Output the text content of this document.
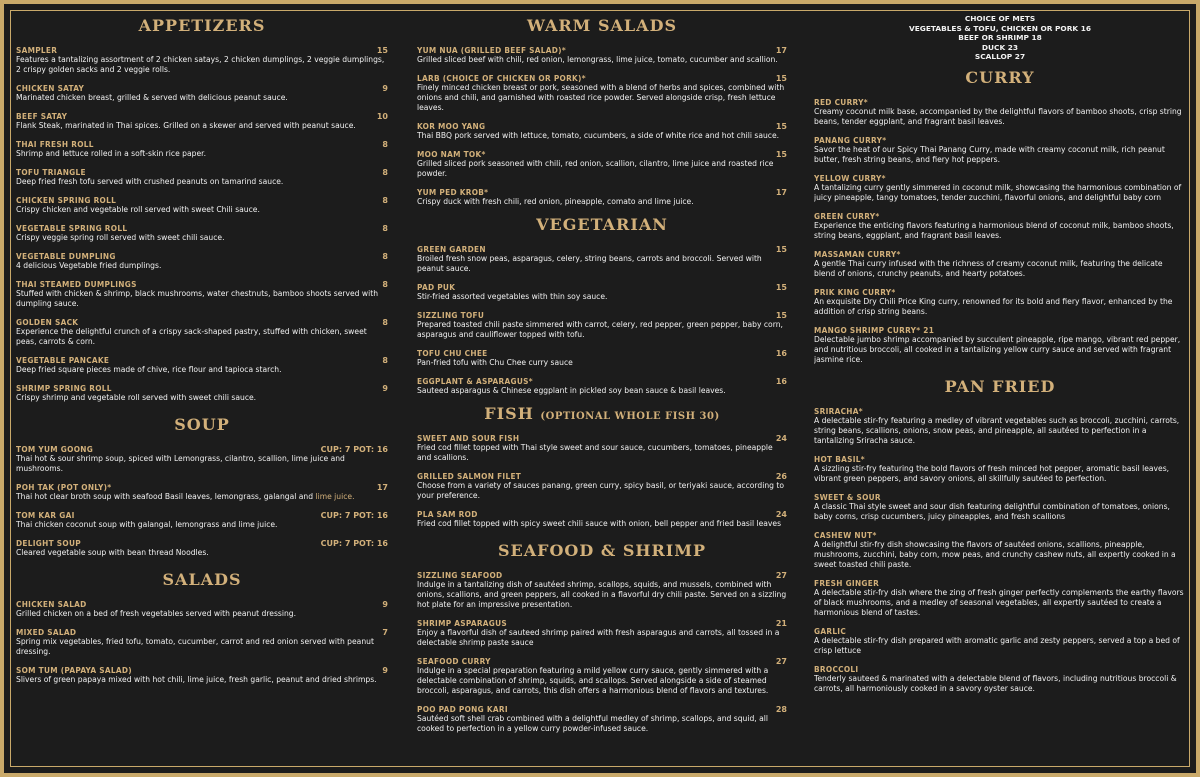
APPETIZERS
SAMPLER	15
Features a tantalizing assortment of 2 chicken satays, 2 chicken dumplings, 2 veggie dumplings, 2 crispy golden sacks and 2 veggie rolls.
CHICKEN SATAY	9
Marinated chicken breast, grilled & served with delicious peanut sauce.
BEEF SATAY	10
Flank Steak, marinated in Thai spices. Grilled on a skewer and served with peanut sauce.
THAI FRESH ROLL	8
Shrimp and lettuce rolled in a soft-skin rice paper.
TOFU TRIANGLE	8
Deep fried fresh tofu served with crushed peanuts on tamarind sauce.
CHICKEN SPRING ROLL	8
Crispy chicken and vegetable roll served with sweet Chili sauce.
VEGETABLE SPRING ROLL	8
Crispy veggie spring roll served with sweet chili sauce.
VEGETABLE DUMPLING	8
4 delicious Vegetable fried dumplings.
THAI STEAMED DUMPLINGS	8
Stuffed with chicken & shrimp, black mushrooms, water chestnuts, bamboo shoots served with dumpling sauce.
GOLDEN SACK	8
Experience the delightful crunch of a crispy sack-shaped pastry, stuffed with chicken, sweet peas, carrots & corn.
VEGETABLE PANCAKE	8
Deep fried square pieces made of chive, rice flour and tapioca starch.
SHRIMP SPRING ROLL	9
Crispy shrimp and vegetable roll served with sweet chili sauce.
SOUP
TOM YUM GOONG	CUP: 7 POT: 16
Thai hot & sour shrimp soup, spiced with Lemongrass, cilantro, scallion, lime juice and mushrooms.
POH TAK (POT ONLY)*	17
Thai hot clear broth soup with seafood Basil leaves, lemongrass, galangal and lime juice.
TOM KAR GAI	CUP: 7 POT: 16
Thai chicken coconut soup with galangal, lemongrass and lime juice.
DELIGHT SOUP	CUP: 7 POT: 16
Cleared vegetable soup with bean thread Noodles.
SALADS
CHICKEN SALAD	9
Grilled chicken on a bed of fresh vegetables served with peanut dressing.
MIXED SALAD	7
Spring mix vegetables, fried tofu, tomato, cucumber, carrot and red onion served with peanut dressing.
SOM TUM (PAPAYA SALAD)	9
Slivers of green papaya mixed with hot chili, lime juice, fresh garlic, peanut and dried shrimps.
WARM SALADS
YUM NUA (GRILLED BEEF SALAD)*	17
Grilled sliced beef with chili, red onion, lemongrass, lime juice, tomato, cucumber and scallion.
LARB (CHOICE OF CHICKEN OR PORK)*	15
Finely minced chicken breast or pork, seasoned with a blend of herbs and spices, combined with onions and chili, and garnished with roasted rice powder. Served alongside crisp, fresh lettuce leaves.
KOR MOO YANG	15
Thai BBQ pork served with lettuce, tomato, cucumbers, a side of white rice and hot chili sauce.
MOO NAM TOK*	15
Grilled sliced pork seasoned with chili, red onion, scallion, cilantro, lime juice and roasted rice powder.
YUM PED KROB*	17
Crispy duck with fresh chili, red onion, pineapple, comato and lime juice.
VEGETARIAN
GREEN GARDEN	15
Broiled fresh snow peas, asparagus, celery, string beans, carrots and broccoli. Served with peanut sauce.
PAD PUK	15
Stir-fried assorted vegetables with thin soy sauce.
SIZZLING TOFU	15
Prepared toasted chili paste simmered with carrot, celery, red pepper, green pepper, baby corn, asparagus and cauliflower topped with tofu.
TOFU CHU CHEE	16
Pan-fried tofu with Chu Chee curry sauce
EGGPLANT & ASPARAGUS*	16
Sauteed asparagus & Chinese eggplant in pickled soy bean sauce & basil leaves.
FISH (OPTIONAL WHOLE FISH 30)
SWEET AND SOUR FISH	24
Fried cod fillet topped with Thai style sweet and sour sauce, cucumbers, tomatoes, pineapple and scallions.
GRILLED SALMON FILET	26
Choose from a variety of sauces panang, green curry, spicy basil, or teriyaki sauce, according to your preference.
PLA SAM ROD	24
Fried cod fillet topped with spicy sweet chili sauce with onion, bell pepper and fried basil leaves
SEAFOOD & SHRIMP
SIZZLING SEAFOOD	27
Indulge in a tantalizing dish of sautéed shrimp, scallops, squids, and mussels, combined with onions, scallions, and green peppers, all cooked in a flavorful dry chili paste. Served on a sizzling hot plate for an impressive presentation.
SHRIMP ASPARAGUS	21
Enjoy a flavorful dish of sauteed shrimp paired with fresh asparagus and carrots, all tossed in a delectable shrimp paste sauce
SEAFOOD CURRY	27
Indulge in a special preparation featuring a mild yellow curry sauce, gently simmered with a delectable combination of shrimp, squids, and scallops. Served alongside a side of steamed broccoli, asparagus, and carrots, this dish offers a harmonious blend of flavors and textures.
POO PAD PONG KARI	28
Sautéed soft shell crab combined with a delightful medley of shrimp, scallops, and squid, all cooked to perfection in a yellow curry powder-infused sauce.
CHOICE OF METS
VEGETABLES & TOFU, CHICKEN OR PORK 16
BEEF OR SHRIMP 18
DUCK 23
SCALLOP 27
CURRY
RED CURRY*
Creamy coconut milk base, accompanied by the delightful flavors of bamboo shoots, crisp string beans, tender eggplant, and fragrant basil leaves.
PANANG CURRY*
Savor the heat of our Spicy Thai Panang Curry, made with creamy coconut milk, rich peanut butter, fresh string beans, and fiery hot peppers.
YELLOW CURRY*
A tantalizing curry gently simmered in coconut milk, showcasing the harmonious combination of juicy pineapple, tangy tomatoes, tender zucchini, flavorful onions, and delightful baby corn
GREEN CURRY*
Experience the enticing flavors featuring a harmonious blend of coconut milk, bamboo shoots, string beans, eggplant, and fragrant basil leaves.
MASSAMAN CURRY*
A gentle Thai curry infused with the richness of creamy coconut milk, featuring the delicate blend of onions, crunchy peanuts, and hearty potatoes.
PRIK KING CURRY*
An exquisite Dry Chili Price King curry, renowned for its bold and fiery flavor, enhanced by the addition of crisp string beans.
MANGO SHRIMP CURRY* 21
Delectable jumbo shrimp accompanied by succulent pineapple, ripe mango, vibrant red pepper, and nutritious broccoli, all cooked in a tantalizing yellow curry sauce and served with fragrant jasmine rice.
PAN FRIED
SRIRACHA*
A delectable stir-fry featuring a medley of vibrant vegetables such as broccoli, zucchini, carrots, string beans, scallions, onions, snow peas, and pineapple, all sautéed to perfection in a tantalizing Sriracha sauce.
HOT BASIL*
A sizzling stir-fry featuring the bold flavors of fresh minced hot pepper, aromatic basil leaves, vibrant green peppers, and savory onions, all skillfully sautéed to perfection.
SWEET & SOUR
A classic Thai style sweet and sour dish featuring delightful combination of tomatoes, onions, baby corns, crisp cucumbers, juicy pineapples, and fresh scallions
CASHEW NUT*
A delightful stir-fry dish showcasing the flavors of sautéed onions, scallions, pineapple, mushrooms, zucchini, baby corn, mow peas, and crunchy cashew nuts, all expertly cooked in a sweet toasted chili paste.
FRESH GINGER
A delectable stir-fry dish where the zing of fresh ginger perfectly complements the earthy flavors of black mushrooms, and a medley of seasonal vegetables, all expertly sautéed to create a harmonious blend of tastes.
GARLIC
A delectable stir-fry dish prepared with aromatic garlic and zesty peppers, served a top a bed of crisp lettuce
BROCCOLI
Tenderly sauteed & marinated with a delectable blend of flavors, including nutritious broccoli & carrots, all harmoniously cooked in a savory oyster sauce.
